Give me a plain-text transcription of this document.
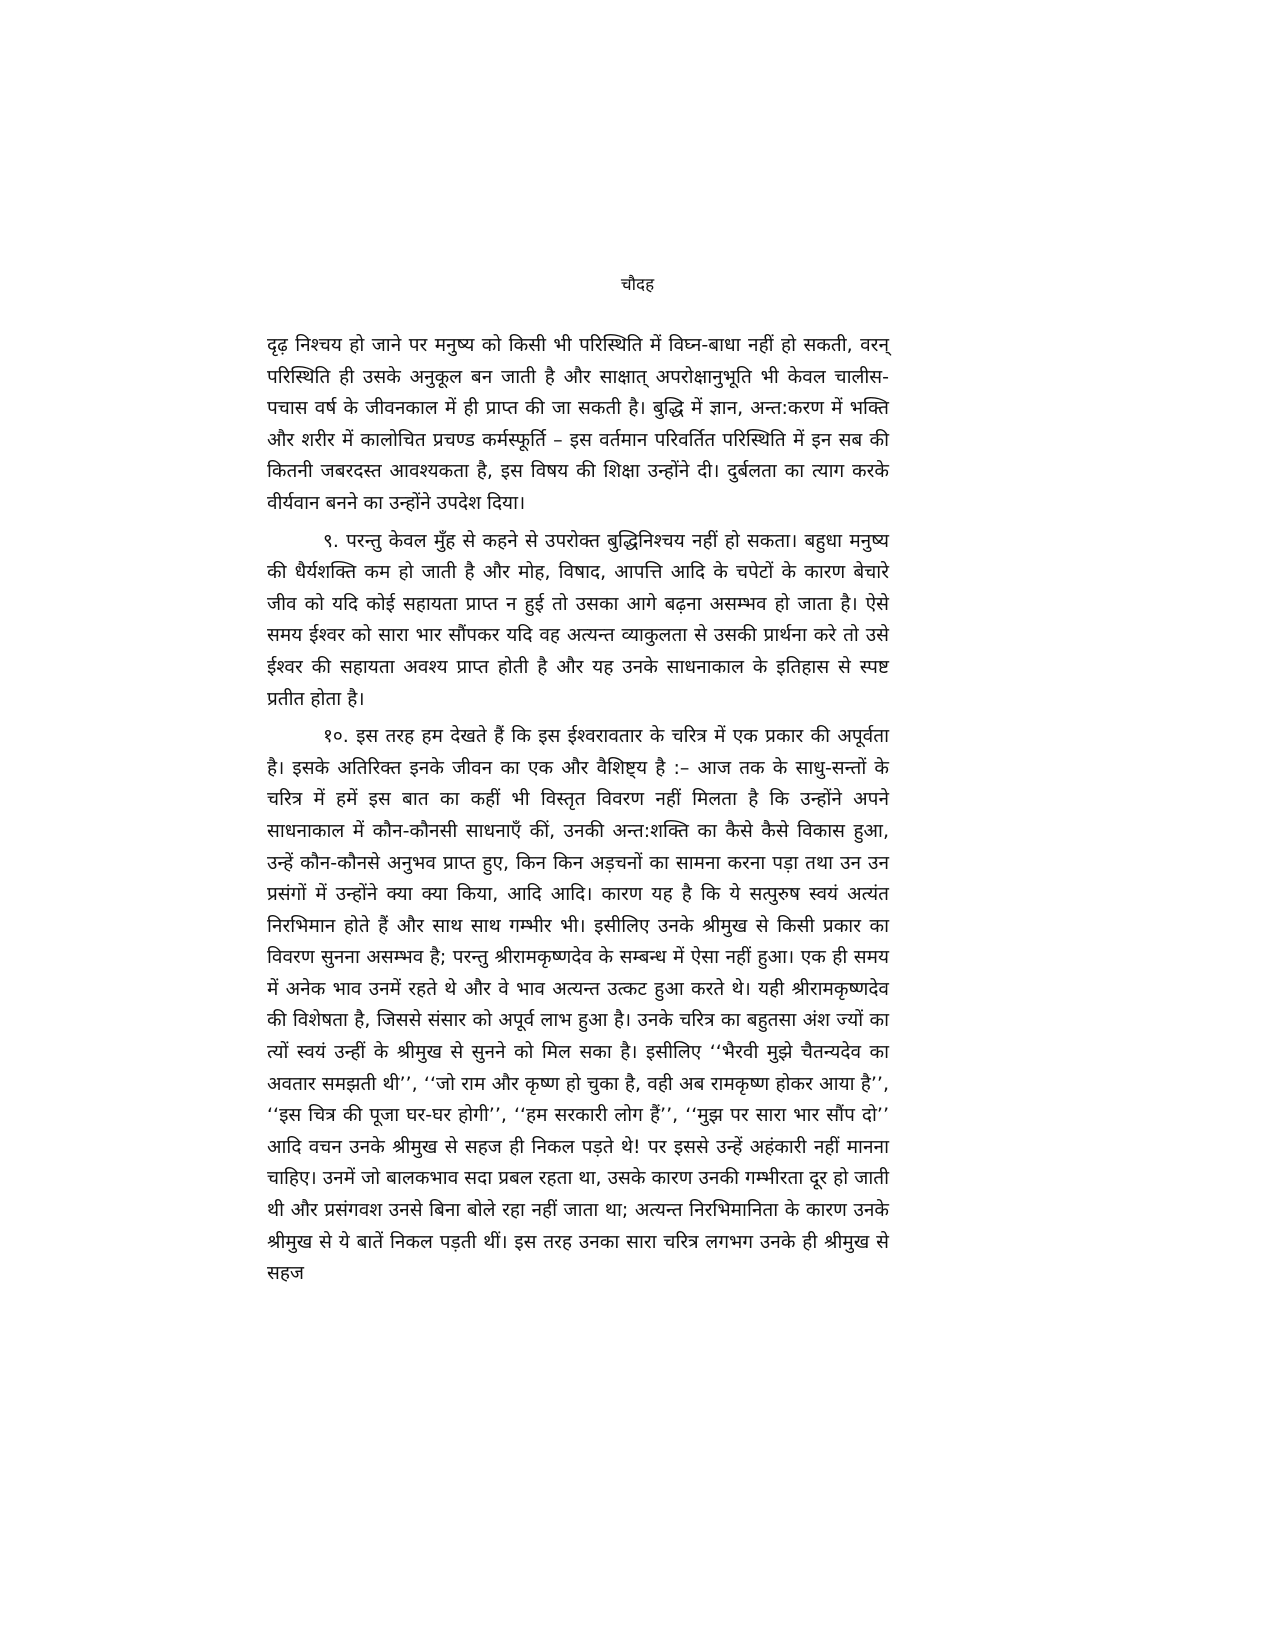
चौदह

दृढ़ निश्चय हो जाने पर मनुष्य को किसी भी परिस्थिति में विघ्न-बाधा नहीं हो सकती, वरन् परिस्थिति ही उसके अनुकूल बन जाती है और साक्षात् अपरोक्षानुभूति भी केवल चालीस-पचास वर्ष के जीवनकाल में ही प्राप्त की जा सकती है। बुद्धि में ज्ञान, अन्त:करण में भक्ति और शरीर में कालोचित प्रचण्ड कर्मस्फूर्ति – इस वर्तमान परिवर्तित परिस्थिति में इन सब की कितनी जबरदस्त आवश्यकता है, इस विषय की शिक्षा उन्होंने दी। दुर्बलता का त्याग करके वीर्यवान बनने का उन्होंने उपदेश दिया।

९. परन्तु केवल मुँह से कहने से उपरोक्त बुद्धिनिश्चय नहीं हो सकता। बहुधा मनुष्य की धैर्यशक्ति कम हो जाती है और मोह, विषाद, आपत्ति आदि के चपेटों के कारण बेचारे जीव को यदि कोई सहायता प्राप्त न हुई तो उसका आगे बढ़ना असम्भव हो जाता है। ऐसे समय ईश्वर को सारा भार सौंपकर यदि वह अत्यन्त व्याकुलता से उसकी प्रार्थना करे तो उसे ईश्वर की सहायता अवश्य प्राप्त होती है और यह उनके साधनाकाल के इतिहास से स्पष्ट प्रतीत होता है।

१०. इस तरह हम देखते हैं कि इस ईश्वरावतार के चरित्र में एक प्रकार की अपूर्वता है। इसके अतिरिक्त इनके जीवन का एक और वैशिष्ट्य है :– आज तक के साधु-सन्तों के चरित्र में हमें इस बात का कहीं भी विस्तृत विवरण नहीं मिलता है कि उन्होंने अपने साधनाकाल में कौन-कौनसी साधनाएँ कीं, उनकी अन्त:शक्ति का कैसे कैसे विकास हुआ, उन्हें कौन-कौनसे अनुभव प्राप्त हुए, किन किन अड़चनों का सामना करना पड़ा तथा उन उन प्रसंगों में उन्होंने क्या क्या किया, आदि आदि। कारण यह है कि ये सत्पुरुष स्वयं अत्यंत निरभिमान होते हैं और साथ साथ गम्भीर भी। इसीलिए उनके श्रीमुख से किसी प्रकार का विवरण सुनना असम्भव है; परन्तु श्रीरामकृष्णदेव के सम्बन्ध में ऐसा नहीं हुआ। एक ही समय में अनेक भाव उनमें रहते थे और वे भाव अत्यन्त उत्कट हुआ करते थे। यही श्रीरामकृष्णदेव की विशेषता है, जिससे संसार को अपूर्व लाभ हुआ है। उनके चरित्र का बहुतसा अंश ज्यों का त्यों स्वयं उन्हीं के श्रीमुख से सुनने को मिल सका है। इसीलिए ‘‘भैरवी मुझे चैतन्यदेव का अवतार समझती थी’’, ‘‘जो राम और कृष्ण हो चुका है, वही अब रामकृष्ण होकर आया है’’, ‘‘इस चित्र की पूजा घर-घर होगी’’, ‘‘हम सरकारी लोग हैं’’, ‘‘मुझ पर सारा भार सौंप दो’’ आदि वचन उनके श्रीमुख से सहज ही निकल पड़ते थे! पर इससे उन्हें अहंकारी नहीं मानना चाहिए। उनमें जो बालकभाव सदा प्रबल रहता था, उसके कारण उनकी गम्भीरता दूर हो जाती थी और प्रसंगवश उनसे बिना बोले रहा नहीं जाता था; अत्यन्त निरभिमानिता के कारण उनके श्रीमुख से ये बातें निकल पड़ती थीं। इस तरह उनका सारा चरित्र लगभग उनके ही श्रीमुख से सहज
